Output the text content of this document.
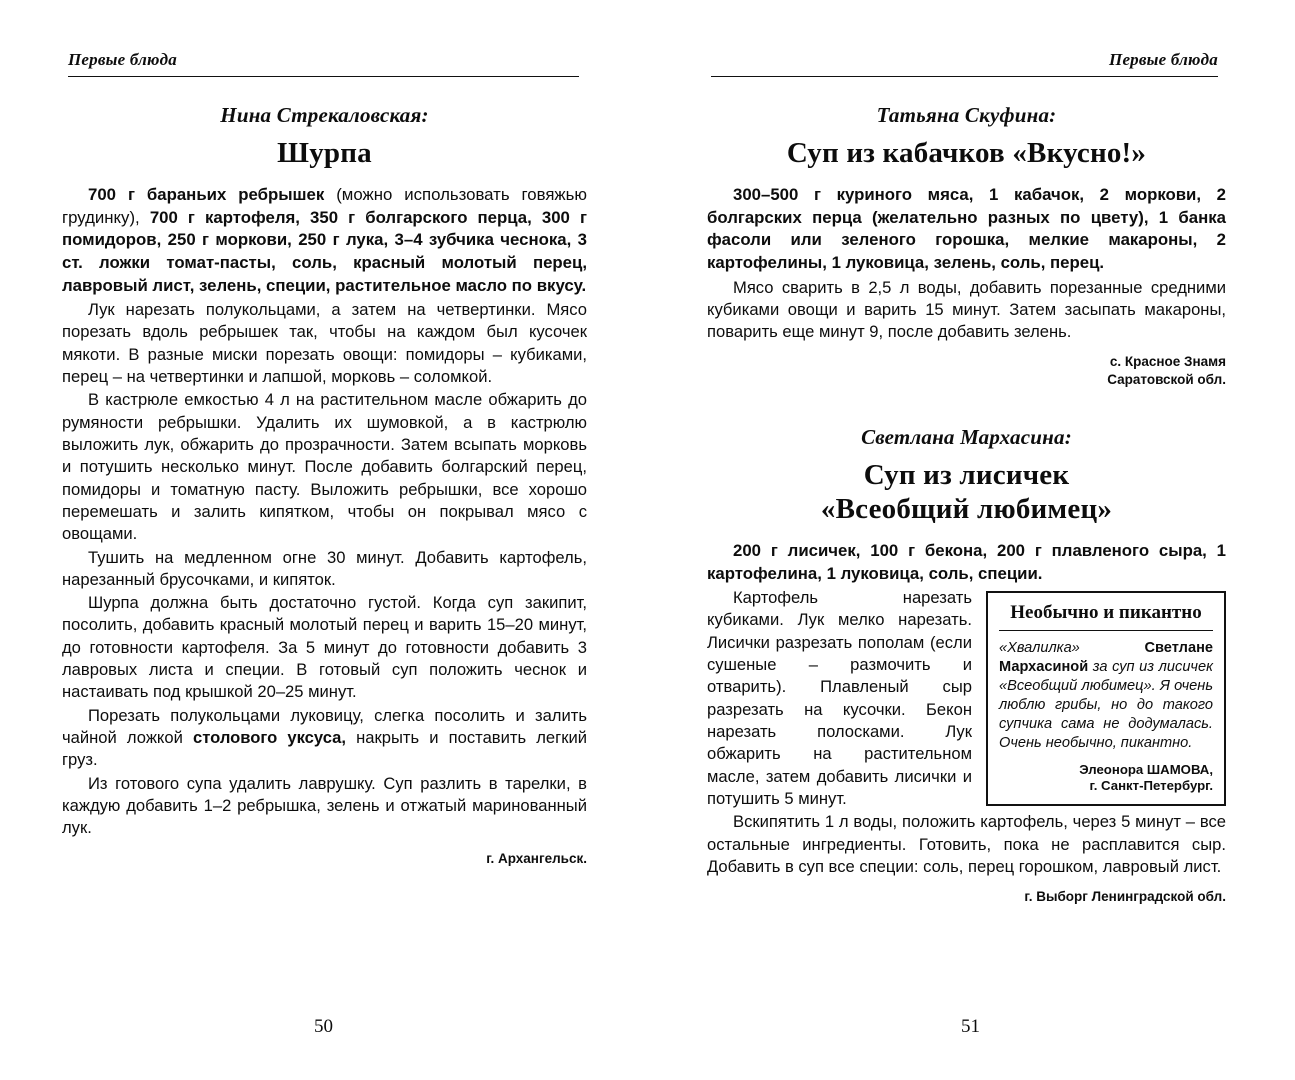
Первые блюда
Нина Стрекаловская:
Шурпа

700 г бараньих ребрышек (можно использовать говяжью грудинку), 700 г картофеля, 350 г болгарского перца, 300 г помидоров, 250 г моркови, 250 г лука, 3–4 зубчика чеснока, 3 ст. ложки томат-пасты, соль, красный молотый перец, лавровый лист, зелень, специи, растительное масло по вкусу.

Лук нарезать полукольцами, а затем на четвертинки. Мясо порезать вдоль ребрышек так, чтобы на каждом был кусочек мякоти. В разные миски порезать овощи: помидоры – кубиками, перец – на четвертинки и лапшой, морковь – соломкой.

В кастрюле емкостью 4 л на растительном масле обжарить до румяности ребрышки. Удалить их шумовкой, а в кастрюлю выложить лук, обжарить до прозрачности. Затем всыпать морковь и потушить несколько минут. После добавить болгарский перец, помидоры и томатную пасту. Выложить ребрышки, все хорошо перемешать и залить кипятком, чтобы он покрывал мясо с овощами.

Тушить на медленном огне 30 минут. Добавить картофель, нарезанный брусочками, и кипяток.

Шурпа должна быть достаточно густой. Когда суп закипит, посолить, добавить красный молотый перец и варить 15–20 минут, до готовности картофеля. За 5 минут до готовности добавить 3 лавровых листа и специи. В готовый суп положить чеснок и настаивать под крышкой 20–25 минут.

Порезать полукольцами луковицу, слегка посолить и залить чайной ложкой столового уксуса, накрыть и поставить легкий груз.

Из готового супа удалить лаврушку. Суп разлить в тарелки, в каждую добавить 1–2 ребрышка, зелень и отжатый маринованный лук.

г. Архангельск.

50
Первые блюда
Татьяна Скуфина:
Суп из кабачков «Вкусно!»

300–500 г куриного мяса, 1 кабачок, 2 моркови, 2 болгарских перца (желательно разных по цвету), 1 банка фасоли или зеленого горошка, мелкие макароны, 2 картофелины, 1 луковица, зелень, соль, перец.

Мясо сварить в 2,5 л воды, добавить порезанные средними кубиками овощи и варить 15 минут. Затем засыпать макароны, поварить еще минут 9, после добавить зелень.

с. Красное Знамя
Саратовской обл.

Светлана Мархасина:
Суп из лисичек
«Всеобщий любимец»

200 г лисичек, 100 г бекона, 200 г плавленого сыра, 1 картофелина, 1 луковица, соль, специи.

Необычно и пикантно

«Хвалилка» Светлане Мархасиной за суп из лисичек «Всеобщий любимец». Я очень люблю грибы, но до такого супчика сама не додумалась. Очень необычно, пикантно.

Элеонора ШАМОВА,
г. Санкт-Петербург.

Картофель нарезать кубиками. Лук мелко нарезать. Лисички разрезать пополам (если сушеные – размочить и отварить). Плавленый сыр разрезать на кусочки. Бекон нарезать полосками. Лук обжарить на растительном масле, затем добавить лисички и потушить 5 минут.

Вскипятить 1 л воды, положить картофель, через 5 минут – все остальные ингредиенты. Готовить, пока не расплавится сыр. Добавить в суп все специи: соль, перец горошком, лавровый лист.

г. Выборг Ленинградской обл.

51
